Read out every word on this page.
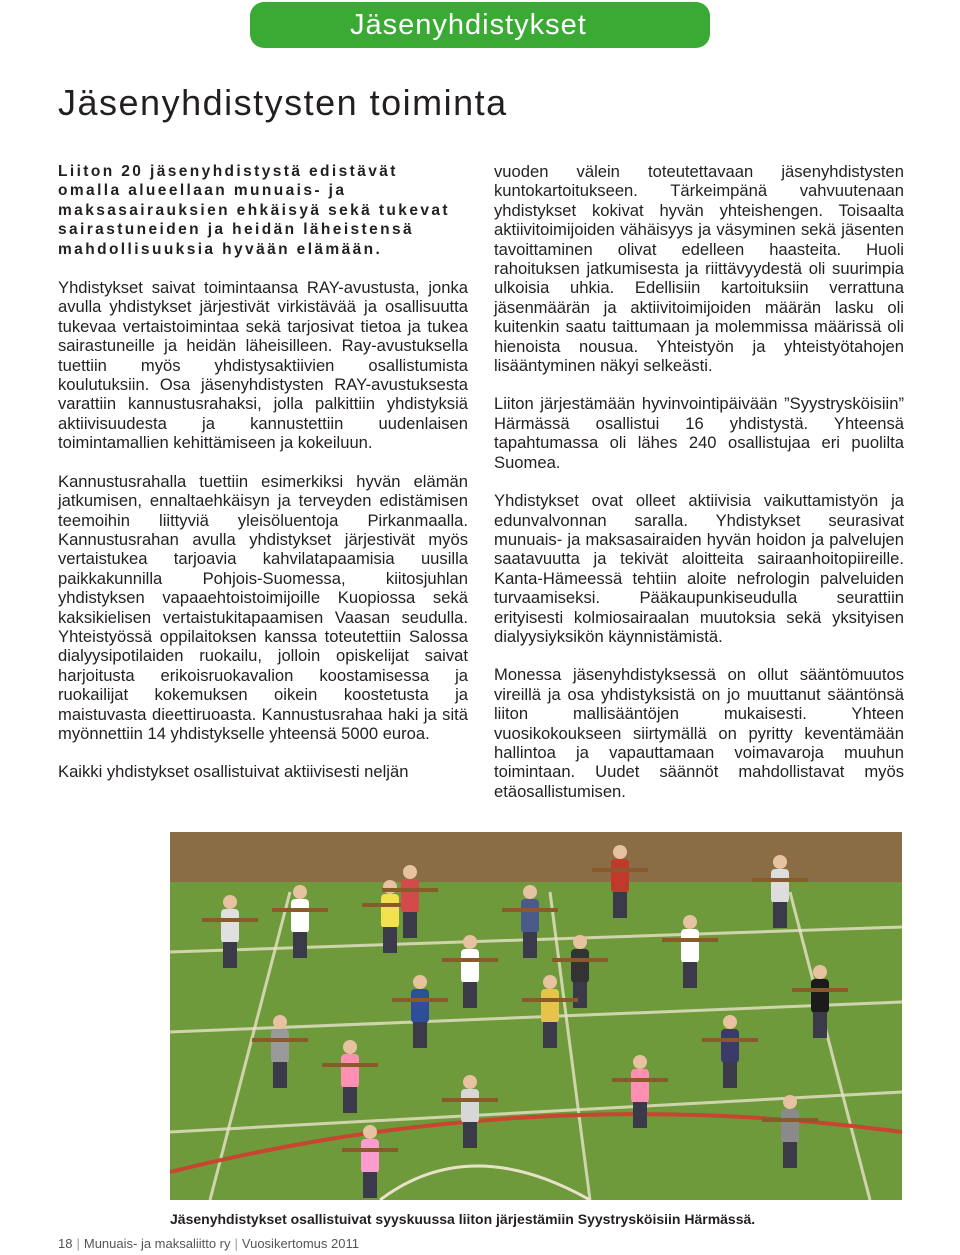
Jäsenyhdistykset
Jäsenyhdistysten toiminta

Liiton 20 jäsenyhdistystä edistävät omalla alueellaan munuais- ja maksasairauksien ehkäisyä sekä tukevat sairastuneiden ja heidän läheistensä mahdollisuuksia hyvään elämään.

Yhdistykset saivat toimintaansa RAY-avustusta, jonka avulla yhdistykset järjestivät virkistävää ja osallisuutta tukevaa vertaistoimintaa sekä tarjosivat tietoa ja tukea sairastuneille ja heidän läheisilleen. Ray-avustuksella tuettiin myös yhdistysaktiivien osallistumista koulutuksiin. Osa jäsenyhdistysten RAY-avustuksesta varattiin kannustusrahaksi, jolla palkittiin yhdistyksiä aktiivisuudesta ja kannustettiin uudenlaisen toimintamallien kehittämiseen ja kokeiluun.

Kannustusrahalla tuettiin esimerkiksi hyvän elämän jatkumisen, ennaltaehkäisyn ja terveyden edistämisen teemoihin liittyviä yleisöluentoja Pirkanmaalla. Kannustusrahan avulla yhdistykset järjestivät myös vertaistukea tarjoavia kahvilatapaamisia uusilla paikkakunnilla Pohjois-Suomessa, kiitosjuhlan yhdistyksen vapaaehtoistoimijoille Kuopiossa sekä kaksikielisen vertaistukitapaamisen Vaasan seudulla. Yhteistyössä oppilaitoksen kanssa toteutettiin Salossa dialyysipotilaiden ruokailu, jolloin opiskelijat saivat harjoitusta erikoisruokavalion koostamisessa ja ruokailijat kokemuksen oikein koostetusta ja maistuvasta dieettiruoasta. Kannustusrahaa haki ja sitä myönnettiin 14 yhdistykselle yhteensä 5000 euroa.

Kaikki yhdistykset osallistuivat aktiivisesti neljän

vuoden välein toteutettavaan jäsenyhdistysten kuntokartoitukseen. Tärkeimpänä vahvuutenaan yhdistykset kokivat hyvän yhteishengen. Toisaalta aktiivitoimijoiden vähäisyys ja väsyminen sekä jäsenten tavoittaminen olivat edelleen haasteita. Huoli rahoituksen jatkumisesta ja riittävyydestä oli suurimpia ulkoisia uhkia. Edellisiin kartoituksiin verrattuna jäsenmäärän ja aktiivitoimijoiden määrän lasku oli kuitenkin saatu taittumaan ja molemmissa määrissä oli hienoista nousua. Yhteistyön ja yhteistyötahojen lisääntyminen näkyi selkeästi.

Liiton järjestämään hyvinvointipäivään ”Syystrysköisiin” Härmässä osallistui 16 yhdistystä. Yhteensä tapahtumassa oli lähes 240 osallistujaa eri puolilta Suomea.

Yhdistykset ovat olleet aktiivisia vaikuttamistyön ja edunvalvonnan saralla. Yhdistykset seurasivat munuais- ja maksasairaiden hyvän hoidon ja palvelujen saatavuutta ja tekivät aloitteita sairaanhoitopiireille. Kanta-Hämeessä tehtiin aloite nefrologin palveluiden turvaamiseksi. Pääkaupunkiseudulla seurattiin erityisesti kolmiosairaalan muutoksia sekä yksityisen dialyysiyksikön käynnistämistä.

Monessa jäsenyhdistyksessä on ollut sääntömuutos vireillä ja osa yhdistyksistä on jo muuttanut sääntönsä liiton mallisääntöjen mukaisesti. Yhteen vuosikokoukseen siirtymällä on pyritty keventämään hallintoa ja vapauttamaan voimavaroja muuhun toimintaan. Uudet säännöt mahdollistavat myös etäosallistumisen.

Jäsenyhdistykset osallistuivat syyskuussa liiton järjestämiin Syystrysköisiin Härmässä.

18 | Munuais- ja maksaliitto ry | Vuosikertomus 2011
